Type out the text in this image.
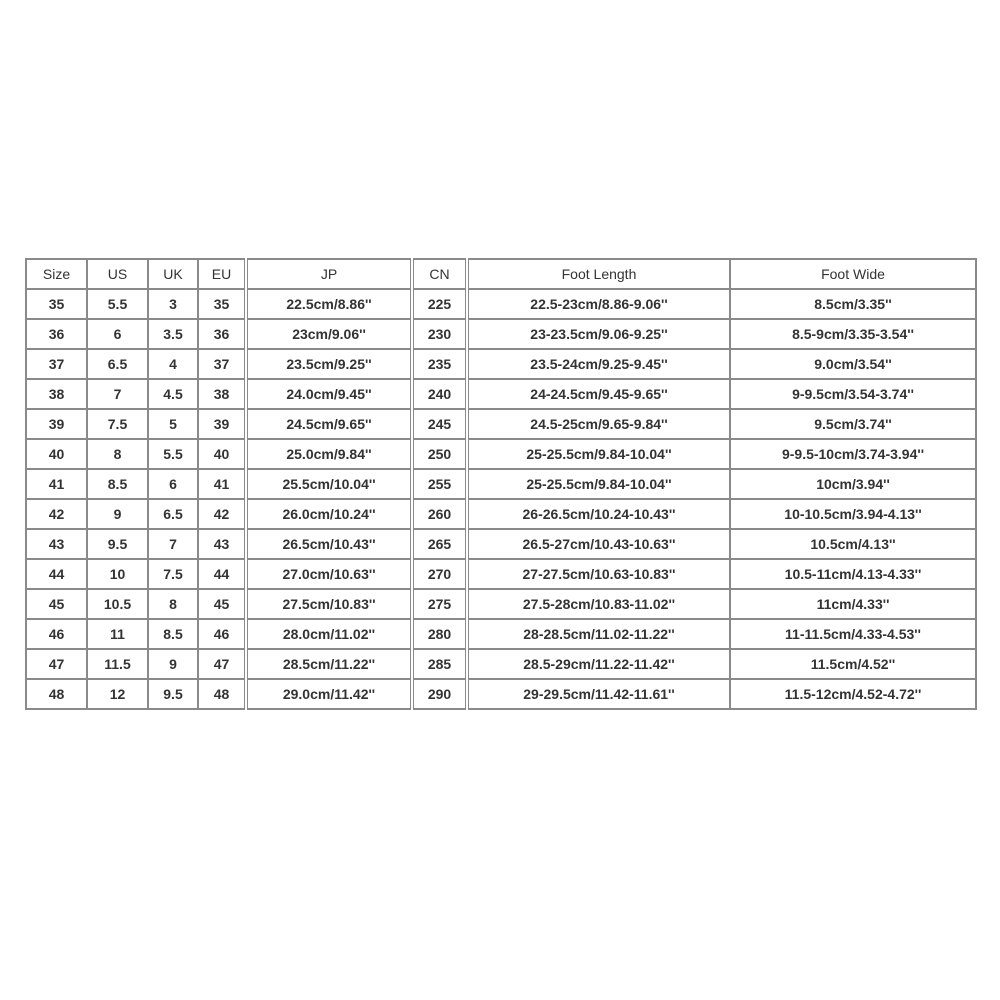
Size	US	UK	EU	JP	CN	Foot Length	Foot Wide
35	5.5	3	35	22.5cm/8.86''	225	22.5-23cm/8.86-9.06''	8.5cm/3.35''
36	6	3.5	36	23cm/9.06''	230	23-23.5cm/9.06-9.25''	8.5-9cm/3.35-3.54''
37	6.5	4	37	23.5cm/9.25''	235	23.5-24cm/9.25-9.45''	9.0cm/3.54''
38	7	4.5	38	24.0cm/9.45''	240	24-24.5cm/9.45-9.65''	9-9.5cm/3.54-3.74''
39	7.5	5	39	24.5cm/9.65''	245	24.5-25cm/9.65-9.84''	9.5cm/3.74''
40	8	5.5	40	25.0cm/9.84''	250	25-25.5cm/9.84-10.04''	9-9.5-10cm/3.74-3.94''
41	8.5	6	41	25.5cm/10.04''	255	25-25.5cm/9.84-10.04''	10cm/3.94''
42	9	6.5	42	26.0cm/10.24''	260	26-26.5cm/10.24-10.43''	10-10.5cm/3.94-4.13''
43	9.5	7	43	26.5cm/10.43''	265	26.5-27cm/10.43-10.63''	10.5cm/4.13''
44	10	7.5	44	27.0cm/10.63''	270	27-27.5cm/10.63-10.83''	10.5-11cm/4.13-4.33''
45	10.5	8	45	27.5cm/10.83''	275	27.5-28cm/10.83-11.02''	11cm/4.33''
46	11	8.5	46	28.0cm/11.02''	280	28-28.5cm/11.02-11.22''	11-11.5cm/4.33-4.53''
47	11.5	9	47	28.5cm/11.22''	285	28.5-29cm/11.22-11.42''	11.5cm/4.52''
48	12	9.5	48	29.0cm/11.42''	290	29-29.5cm/11.42-11.61''	11.5-12cm/4.52-4.72''
